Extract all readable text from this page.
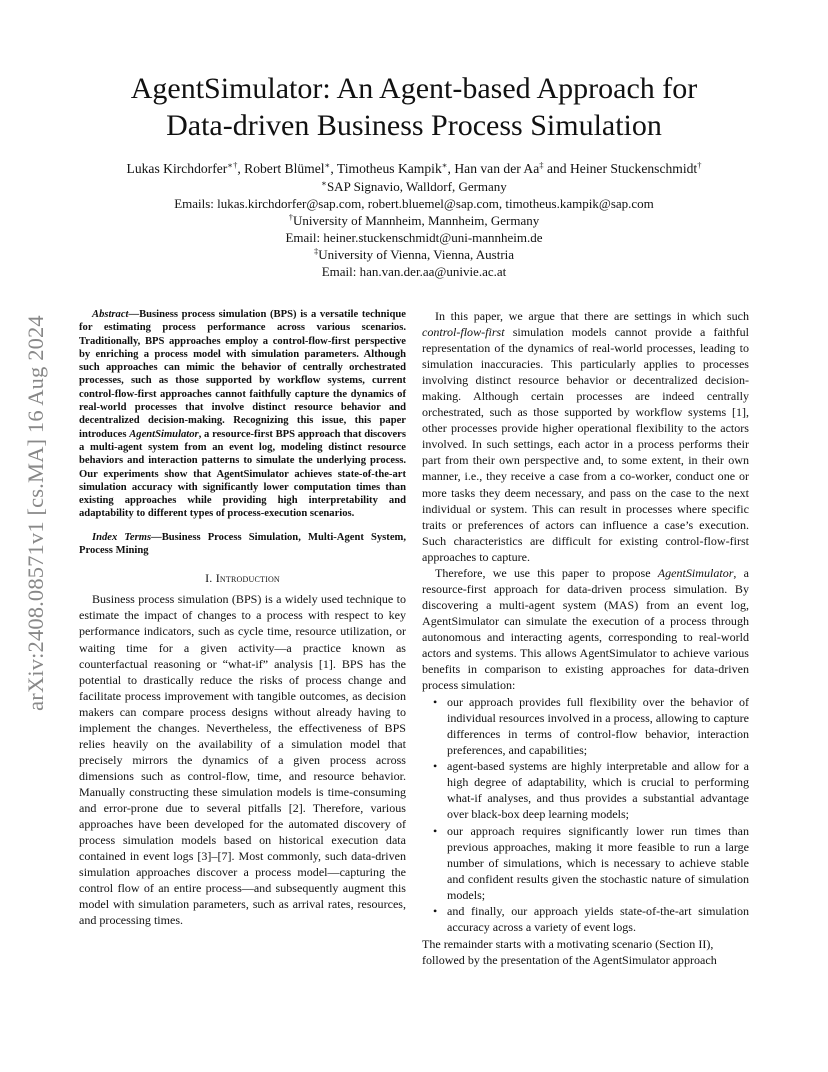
arXiv:2408.08571v1 [cs.MA] 16 Aug 2024
AgentSimulator: An Agent-based Approach for
Data-driven Business Process Simulation
Lukas Kirchdorfer∗†, Robert Blümel∗, Timotheus Kampik∗, Han van der Aa‡ and Heiner Stuckenschmidt†
∗SAP Signavio, Walldorf, Germany
Emails: lukas.kirchdorfer@sap.com, robert.bluemel@sap.com, timotheus.kampik@sap.com
†University of Mannheim, Mannheim, Germany
Email: heiner.stuckenschmidt@uni-mannheim.de
‡University of Vienna, Vienna, Austria
Email: han.van.der.aa@univie.ac.at

Abstract—Business process simulation (BPS) is a versatile technique for estimating process performance across various scenarios. Traditionally, BPS approaches employ a control-flow-first perspective by enriching a process model with simulation parameters. Although such approaches can mimic the behavior of centrally orchestrated processes, such as those supported by workflow systems, current control-flow-first approaches cannot faithfully capture the dynamics of real-world processes that involve distinct resource behavior and decentralized decision-making. Recognizing this issue, this paper introduces AgentSimulator, a resource-first BPS approach that discovers a multi-agent system from an event log, modeling distinct resource behaviors and interaction patterns to simulate the underlying process. Our experiments show that AgentSimulator achieves state-of-the-art simulation accuracy with significantly lower computation times than existing approaches while providing high interpretability and adaptability to different types of process-execution scenarios.

Index Terms—Business Process Simulation, Multi-Agent System, Process Mining

I. Introduction

Business process simulation (BPS) is a widely used technique to estimate the impact of changes to a process with respect to key performance indicators, such as cycle time, resource utilization, or waiting time for a given activity—a practice known as counterfactual reasoning or “what-if” analysis [1]. BPS has the potential to drastically reduce the risks of process change and facilitate process improvement with tangible outcomes, as decision makers can compare process designs without already having to implement the changes. Nevertheless, the effectiveness of BPS relies heavily on the availability of a simulation model that precisely mirrors the dynamics of a given process across dimensions such as control-flow, time, and resource behavior. Manually constructing these simulation models is time-consuming and error-prone due to several pitfalls [2]. Therefore, various approaches have been developed for the automated discovery of process simulation models based on historical execution data contained in event logs [3]–[7]. Most commonly, such data-driven simulation approaches discover a process model—capturing the control flow of an entire process—and subsequently augment this model with simulation parameters, such as arrival rates, resources, and processing times.

In this paper, we argue that there are settings in which such control-flow-first simulation models cannot provide a faithful representation of the dynamics of real-world processes, leading to simulation inaccuracies. This particularly applies to processes involving distinct resource behavior or decentralized decision-making. Although certain processes are indeed centrally orchestrated, such as those supported by workflow systems [1], other processes provide higher operational flexibility to the actors involved. In such settings, each actor in a process performs their part from their own perspective and, to some extent, in their own manner, i.e., they receive a case from a co-worker, conduct one or more tasks they deem necessary, and pass on the case to the next individual or system. This can result in processes where specific traits or preferences of actors can influence a case’s execution. Such characteristics are difficult for existing control-flow-first approaches to capture.

Therefore, we use this paper to propose AgentSimulator, a resource-first approach for data-driven process simulation. By discovering a multi-agent system (MAS) from an event log, AgentSimulator can simulate the execution of a process through autonomous and interacting agents, corresponding to real-world actors and systems. This allows AgentSimulator to achieve various benefits in comparison to existing approaches for data-driven process simulation:

• our approach provides full flexibility over the behavior of individual resources involved in a process, allowing to capture differences in terms of control-flow behavior, interaction preferences, and capabilities;
• agent-based systems are highly interpretable and allow for a high degree of adaptability, which is crucial to performing what-if analyses, and thus provides a substantial advantage over black-box deep learning models;
• our approach requires significantly lower run times than previous approaches, making it more feasible to run a large number of simulations, which is necessary to achieve stable and confident results given the stochastic nature of simulation models;
• and finally, our approach yields state-of-the-art simulation accuracy across a variety of event logs.

The remainder starts with a motivating scenario (Section II), followed by the presentation of the AgentSimulator approach
